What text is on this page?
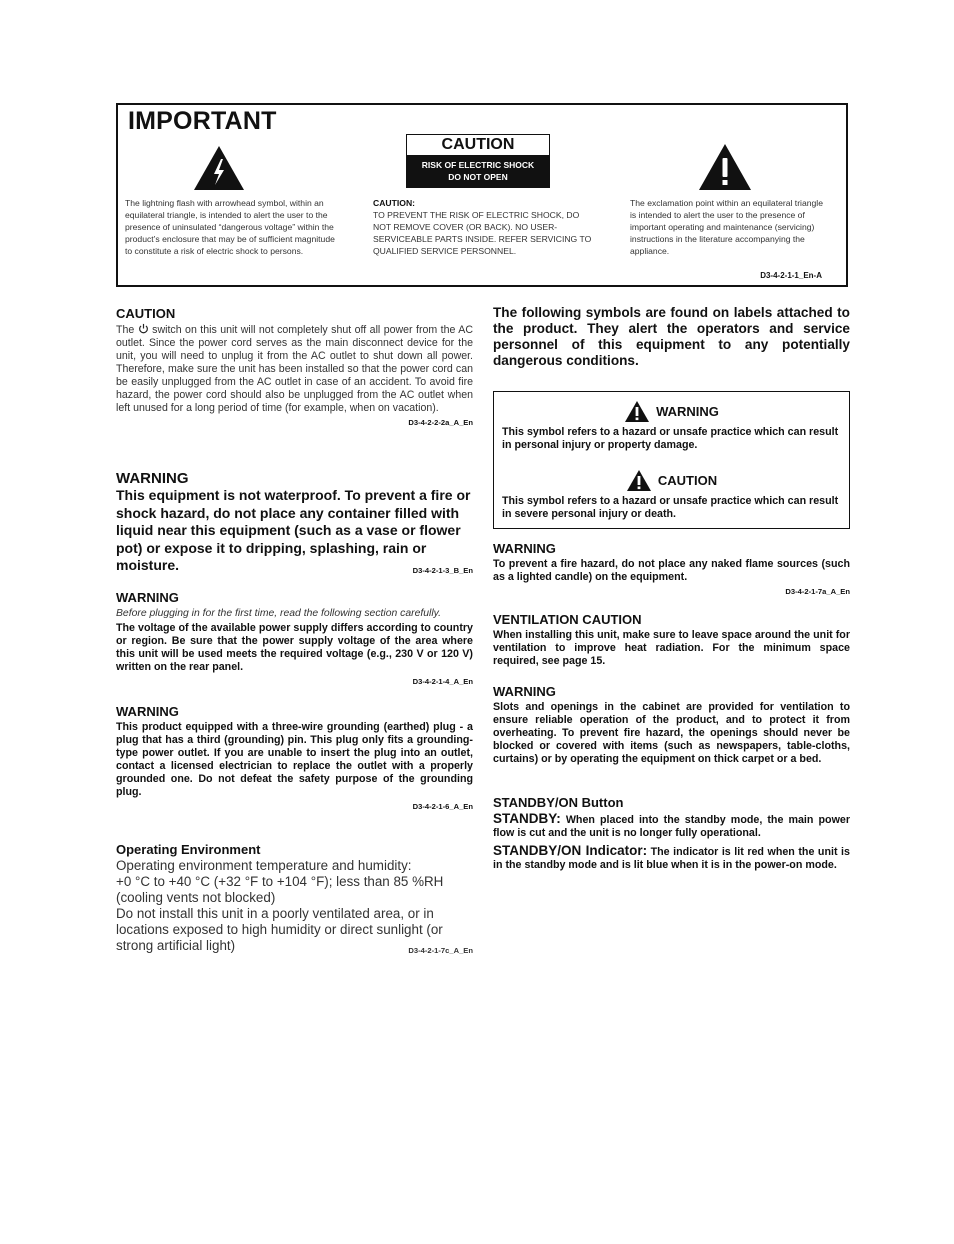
IMPORTANT
CAUTION
RISK OF ELECTRIC SHOCK
DO NOT OPEN
The lightning flash with arrowhead symbol, within an equilateral triangle, is intended to alert the user to the presence of uninsulated “dangerous voltage” within the product’s enclosure that may be of sufficient magnitude to constitute a risk of electric shock to persons.
CAUTION:
TO PREVENT THE RISK OF ELECTRIC SHOCK, DO NOT REMOVE COVER (OR BACK). NO USER-SERVICEABLE PARTS INSIDE. REFER SERVICING TO QUALIFIED SERVICE PERSONNEL.
The exclamation point within an equilateral triangle is intended to alert the user to the presence of important operating and maintenance (servicing) instructions in the literature accompanying the appliance.
D3-4-2-1-1_En-A
CAUTION
The switch on this unit will not completely shut off all power from the AC outlet. Since the power cord serves as the main disconnect device for the unit, you will need to unplug it from the AC outlet to shut down all power. Therefore, make sure the unit has been installed so that the power cord can be easily unplugged from the AC outlet in case of an accident. To avoid fire hazard, the power cord should also be unplugged from the AC outlet when left unused for a long period of time (for example, when on vacation).
D3-4-2-2-2a_A_En
WARNING
This equipment is not waterproof. To prevent a fire or shock hazard, do not place any container filled with liquid near this equipment (such as a vase or flower pot) or expose it to dripping, splashing, rain or moisture.	D3-4-2-1-3_B_En
WARNING
Before plugging in for the first time, read the following section carefully.
The voltage of the available power supply differs according to country or region. Be sure that the power supply voltage of the area where this unit will be used meets the required voltage (e.g., 230 V or 120 V) written on the rear panel.
D3-4-2-1-4_A_En
WARNING
This product equipped with a three-wire grounding (earthed) plug - a plug that has a third (grounding) pin. This plug only fits a grounding-type power outlet. If you are unable to insert the plug into an outlet, contact a licensed electrician to replace the outlet with a properly grounded one. Do not defeat the safety purpose of the grounding plug.
D3-4-2-1-6_A_En
Operating Environment
Operating environment temperature and humidity:
+0 °C to +40 °C (+32 °F to +104 °F); less than 85 %RH (cooling vents not blocked)
Do not install this unit in a poorly ventilated area, or in locations exposed to high humidity or direct sunlight (or strong artificial light)	D3-4-2-1-7c_A_En
The following symbols are found on labels attached to the product. They alert the operators and service personnel of this equipment to any potentially dangerous conditions.
WARNING
This symbol refers to a hazard or unsafe practice which can result in personal injury or property damage.
CAUTION
This symbol refers to a hazard or unsafe practice which can result in severe personal injury or death.
WARNING
To prevent a fire hazard, do not place any naked flame sources (such as a lighted candle) on the equipment.
D3-4-2-1-7a_A_En
VENTILATION CAUTION
When installing this unit, make sure to leave space around the unit for ventilation to improve heat radiation. For the minimum space required, see page 15.
WARNING
Slots and openings in the cabinet are provided for ventilation to ensure reliable operation of the product, and to protect it from overheating. To prevent fire hazard, the openings should never be blocked or covered with items (such as newspapers, table-cloths, curtains) or by operating the equipment on thick carpet or a bed.
STANDBY/ON Button
STANDBY: When placed into the standby mode, the main power flow is cut and the unit is no longer fully operational.
STANDBY/ON Indicator: The indicator is lit red when the unit is in the standby mode and is lit blue when it is in the power-on mode.
